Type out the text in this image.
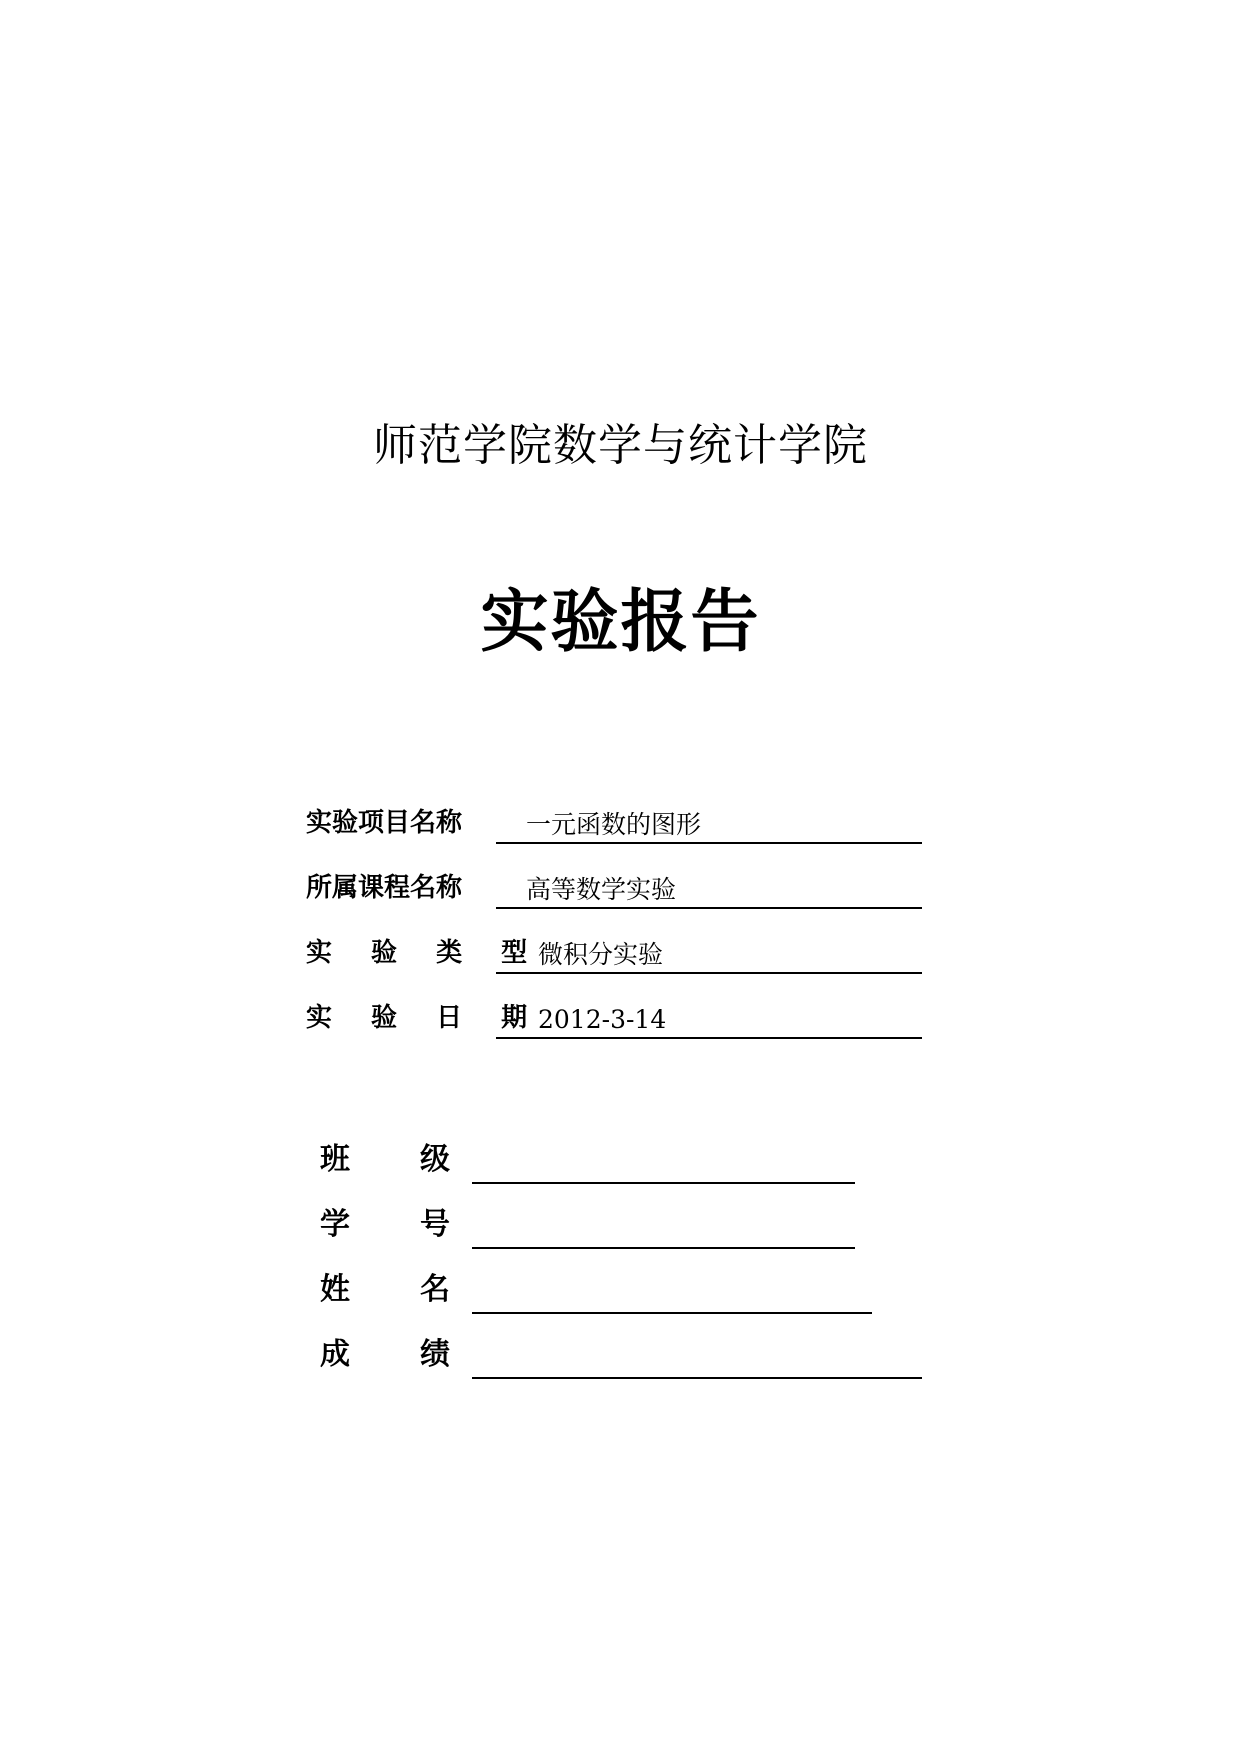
师范学院数学与统计学院
实验报告
实验项目名称	一元函数的图形
所属课程名称	高等数学实验
实 验 类 型
微积分实验
实 验 日 期
2012-3-14
班 级
学 号
姓 名
成 绩
